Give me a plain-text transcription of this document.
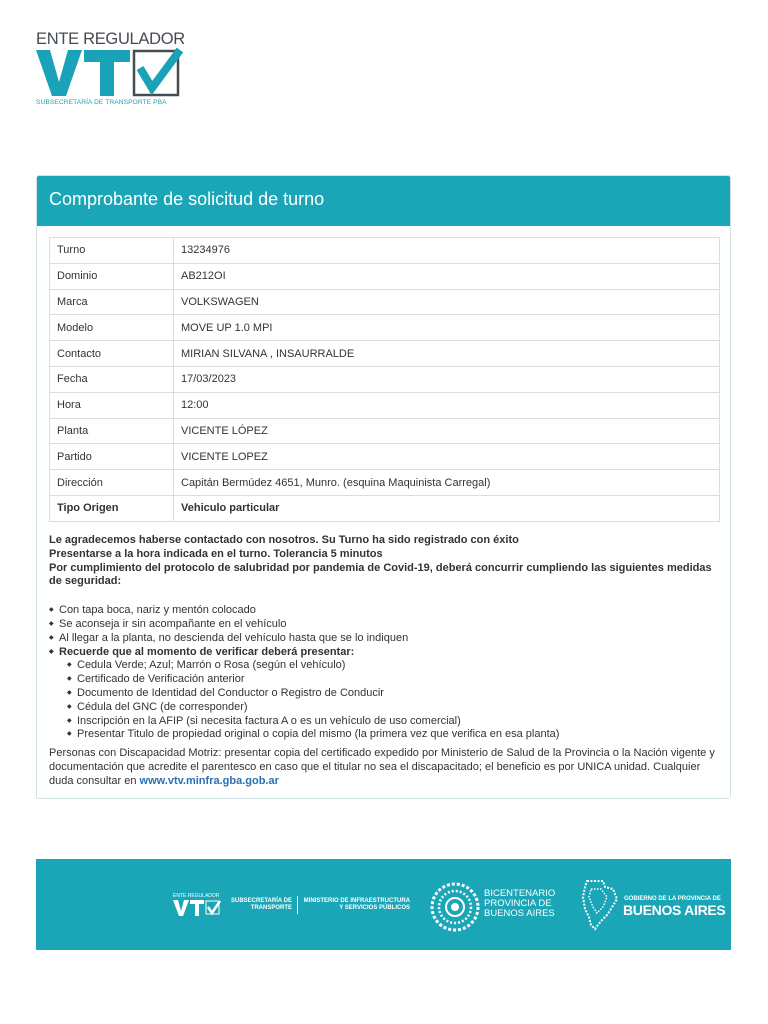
ENTE REGULADOR
SUBSECRETARÍA DE TRANSPORTE PBA
Comprobante de solicitud de turno
Turno	13234976
Dominio	AB212OI
Marca	VOLKSWAGEN
Modelo	MOVE UP 1.0 MPI
Contacto	MIRIAN SILVANA , INSAURRALDE
Fecha	17/03/2023
Hora	12:00
Planta	VICENTE LÓPEZ
Partido	VICENTE LOPEZ
Dirección	Capitán Bermúdez 4651, Munro. (esquina Maquinista Carregal)
Tipo Origen	Vehiculo particular
Le agradecemos haberse contactado con nosotros. Su Turno ha sido registrado con éxito
Presentarse a la hora indicada en el turno. Tolerancia 5 minutos
Por cumplimiento del protocolo de salubridad por pandemia de Covid-19, deberá concurrir cumpliendo las siguientes medidas de seguridad:
◆ Con tapa boca, nariz y mentón colocado
◆ Se aconseja ir sin acompañante en el vehículo
◆ Al llegar a la planta, no descienda del vehículo hasta que se lo indiquen
◆ Recuerde que al momento de verificar deberá presentar:
◆ Cedula Verde; Azul; Marrón o Rosa (según el vehículo)
◆ Certificado de Verificación anterior
◆ Documento de Identidad del Conductor o Registro de Conducir
◆ Cédula del GNC (de corresponder)
◆ Inscripción en la AFIP (si necesita factura A o es un vehículo de uso comercial)
◆ Presentar Titulo de propiedad original o copia del mismo (la primera vez que verifica en esa planta)
Personas con Discapacidad Motriz: presentar copia del certificado expedido por Ministerio de Salud de la Provincia o la Nación vigente y documentación que acredite el parentesco en caso que el titular no sea el discapacitado; el beneficio es por UNICA unidad. Cualquier duda consultar en www.vtv.minfra.gba.gob.ar
ENTE REGULADOR
SUBSECRETARÍA DE TRANSPORTE
MINISTERIO DE INFRAESTRUCTURA Y SERVICIOS PÚBLICOS
BICENTENARIO
PROVINCIA DE
BUENOS AIRES
GOBIERNO DE LA PROVINCIA DE
BUENOS AIRES
